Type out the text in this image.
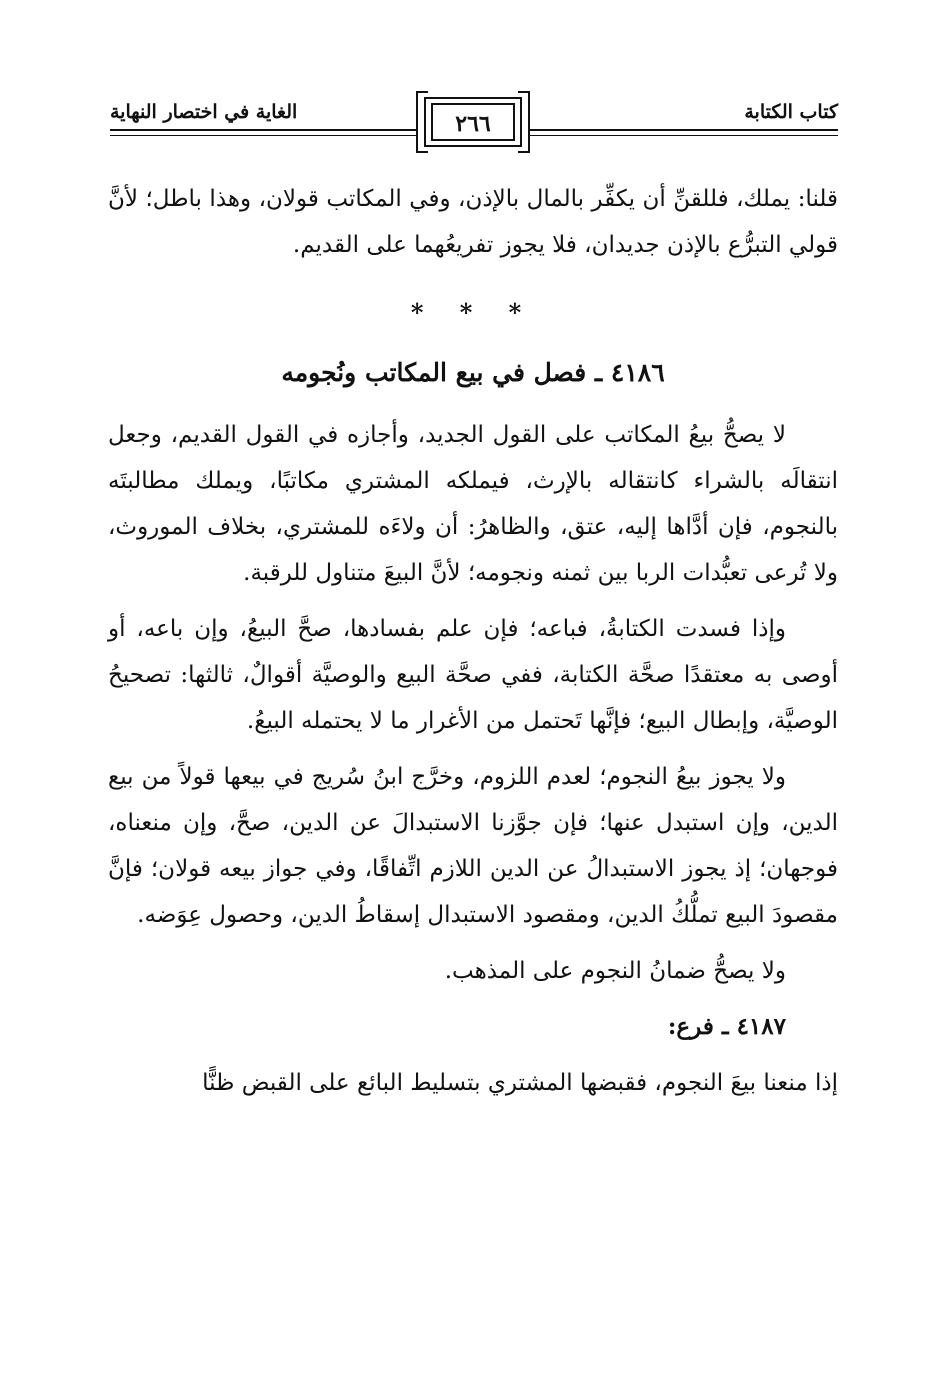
كتاب الكتابة
الغاية في اختصار النهاية	٢٦٦

قلنا: يملك، فللقنِّ أن يكفِّر بالمال بالإذن، وفي المكاتب قولان، وهذا باطل؛ لأنَّ قولي التبرُّع بالإذن جديدان، فلا يجوز تفريعُهما على القديم.

* * *
٤١٨٦ ـ فصل في بيع المكاتب ونُجومه

لا يصحُّ بيعُ المكاتب على القول الجديد، وأجازه في القول القديم، وجعل انتقالَه بالشراء كانتقاله بالإرث، فيملكه المشتري مكاتبًا، ويملك مطالبتَه بالنجوم، فإن أدَّاها إليه، عتق، والظاهرُ: أن ولاءَه للمشتري، بخلاف الموروث، ولا تُرعى تعبُّدات الربا بين ثمنه ونجومه؛ لأنَّ البيعَ متناول للرقبة.

وإذا فسدت الكتابةُ، فباعه؛ فإن علم بفسادها، صحَّ البيعُ، وإن باعه، أو أوصى به معتقدًا صحَّة الكتابة، ففي صحَّة البيع والوصيَّة أقوالٌ، ثالثها: تصحيحُ الوصيَّة، وإبطال البيع؛ فإنَّها تَحتمل من الأغرار ما لا يحتمله البيعُ.

ولا يجوز بيعُ النجوم؛ لعدم اللزوم، وخرَّج ابنُ سُريج في بيعها قولاً من بيع الدين، وإن استبدل عنها؛ فإن جوَّزنا الاستبدالَ عن الدين، صحَّ، وإن منعناه، فوجهان؛ إذ يجوز الاستبدالُ عن الدين اللازم اتِّفاقًا، وفي جواز بيعه قولان؛ فإنَّ مقصودَ البيع تملُّكُ الدين، ومقصود الاستبدال إسقاطُ الدين، وحصول عِوَضه.

ولا يصحُّ ضمانُ النجوم على المذهب.

٤١٨٧ ـ فرع:

إذا منعنا بيعَ النجوم، فقبضها المشتري بتسليط البائع على القبض ظنًّا
